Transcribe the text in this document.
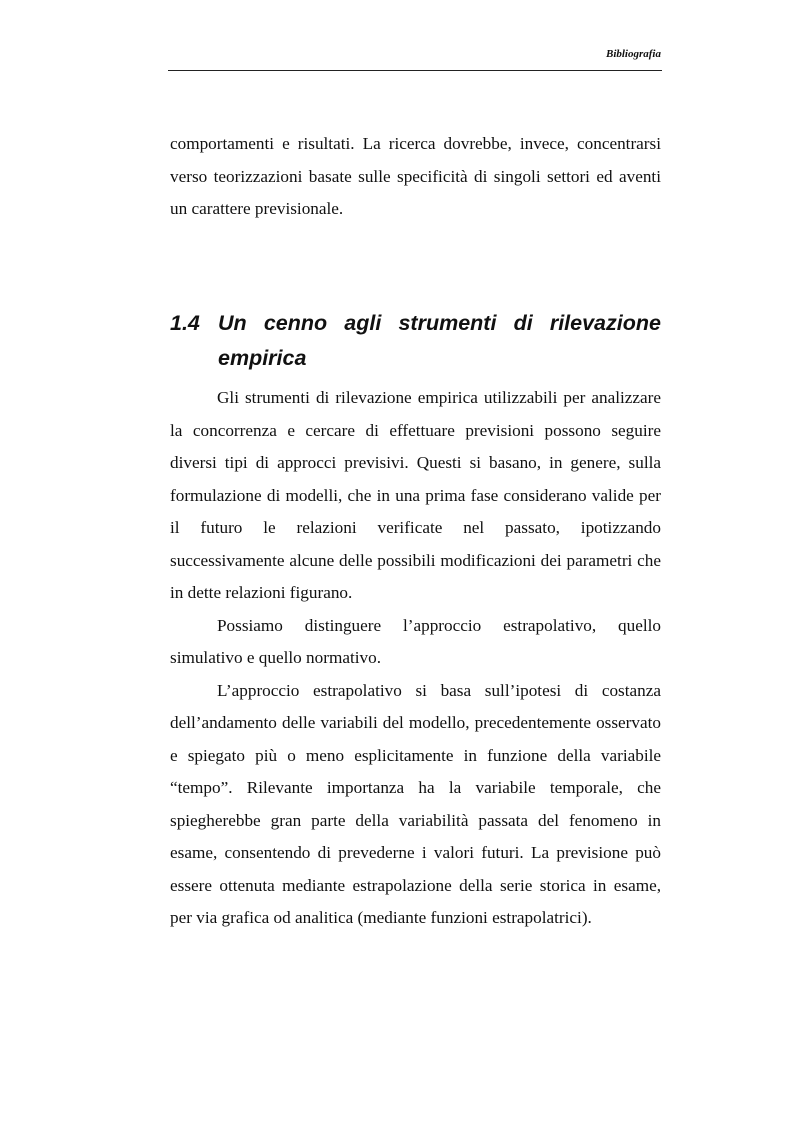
Bibliografia

comportamenti e risultati. La ricerca dovrebbe, invece, concentrarsi verso teorizzazioni basate sulle specificità di singoli settori ed aventi un carattere previsionale.

1.4 Un cenno agli strumenti di rilevazione
empirica

Gli strumenti di rilevazione empirica utilizzabili per analizzare la concorrenza e cercare di effettuare previsioni possono seguire diversi tipi di approcci previsivi. Questi si basano, in genere, sulla formulazione di modelli, che in una prima fase considerano valide per il futuro le relazioni verificate nel passato, ipotizzando successivamente alcune delle possibili modificazioni dei parametri che in dette relazioni figurano.

Possiamo distinguere l’approccio estrapolativo, quello simulativo e quello normativo.

L’approccio estrapolativo si basa sull’ipotesi di costanza dell’andamento delle variabili del modello, precedentemente osservato e spiegato più o meno esplicitamente in funzione della variabile “tempo”. Rilevante importanza ha la variabile temporale, che spiegherebbe gran parte della variabilità passata del fenomeno in esame, consentendo di prevederne i valori futuri. La previsione può essere ottenuta mediante estrapolazione della serie storica in esame, per via grafica od analitica (mediante funzioni estrapolatrici).
